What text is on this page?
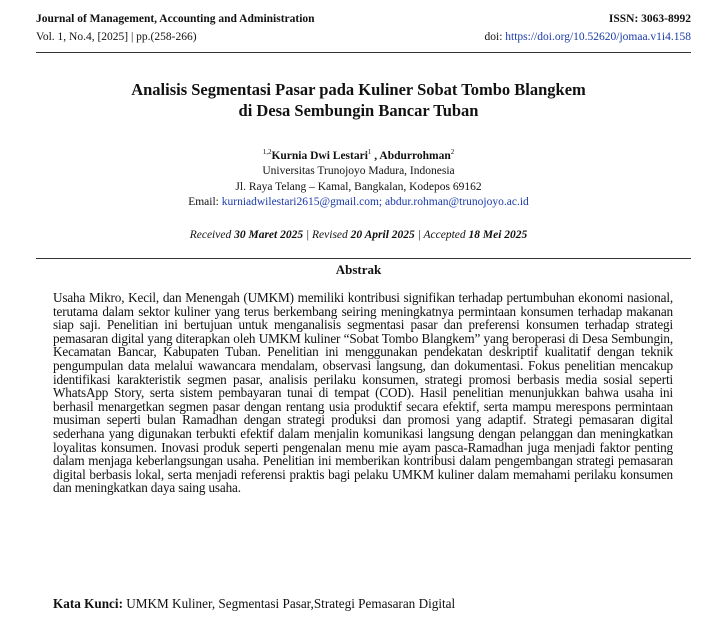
Journal of Management, Accounting and Administration	ISSN: 3063-8992
Vol. 1, No.4, [2025] | pp.(258-266)	doi: https://doi.org/10.52620/jomaa.v1i4.158
Analisis Segmentasi Pasar pada Kuliner Sobat Tombo Blangkem
di Desa Sembungin Bancar Tuban
$^{1,2}$Kurnia Dwi Lestari$^1$ , Abdurrohman$^2$
Universitas Trunojoyo Madura, Indonesia
Jl. Raya Telang – Kamal, Bangkalan, Kodepos 69162
Email: kurniadwilestari2615@gmail.com; abdur.rohman@trunojoyo.ac.id
Received 30 Maret 2025 | Revised 20 April 2025 | Accepted 18 Mei 2025
Abstrak
Usaha Mikro, Kecil, dan Menengah (UMKM) memiliki kontribusi signifikan terhadap pertumbuhan ekonomi nasional, terutama dalam sektor kuliner yang terus berkembang seiring meningkatnya permintaan konsumen terhadap makanan siap saji. Penelitian ini bertujuan untuk menganalisis segmentasi pasar dan preferensi konsumen terhadap strategi pemasaran digital yang diterapkan oleh UMKM kuliner “Sobat Tombo Blangkem” yang beroperasi di Desa Sembungin, Kecamatan Bancar, Kabupaten Tuban. Penelitian ini menggunakan pendekatan deskriptif kualitatif dengan teknik pengumpulan data melalui wawancara mendalam, observasi langsung, dan dokumentasi. Fokus penelitian mencakup identifikasi karakteristik segmen pasar, analisis perilaku konsumen, strategi promosi berbasis media sosial seperti WhatsApp Story, serta sistem pembayaran tunai di tempat (COD). Hasil penelitian menunjukkan bahwa usaha ini berhasil menargetkan segmen pasar dengan rentang usia produktif secara efektif, serta mampu merespons permintaan musiman seperti bulan Ramadhan dengan strategi produksi dan promosi yang adaptif. Strategi pemasaran digital sederhana yang digunakan terbukti efektif dalam menjalin komunikasi langsung dengan pelanggan dan meningkatkan loyalitas konsumen. Inovasi produk seperti pengenalan menu mie ayam pasca-Ramadhan juga menjadi faktor penting dalam menjaga keberlangsungan usaha. Penelitian ini memberikan kontribusi dalam pengembangan strategi pemasaran digital berbasis lokal, serta menjadi referensi praktis bagi pelaku UMKM kuliner dalam memahami perilaku konsumen dan meningkatkan daya saing usaha.
Kata Kunci: UMKM Kuliner, Segmentasi Pasar,Strategi Pemasaran Digital
